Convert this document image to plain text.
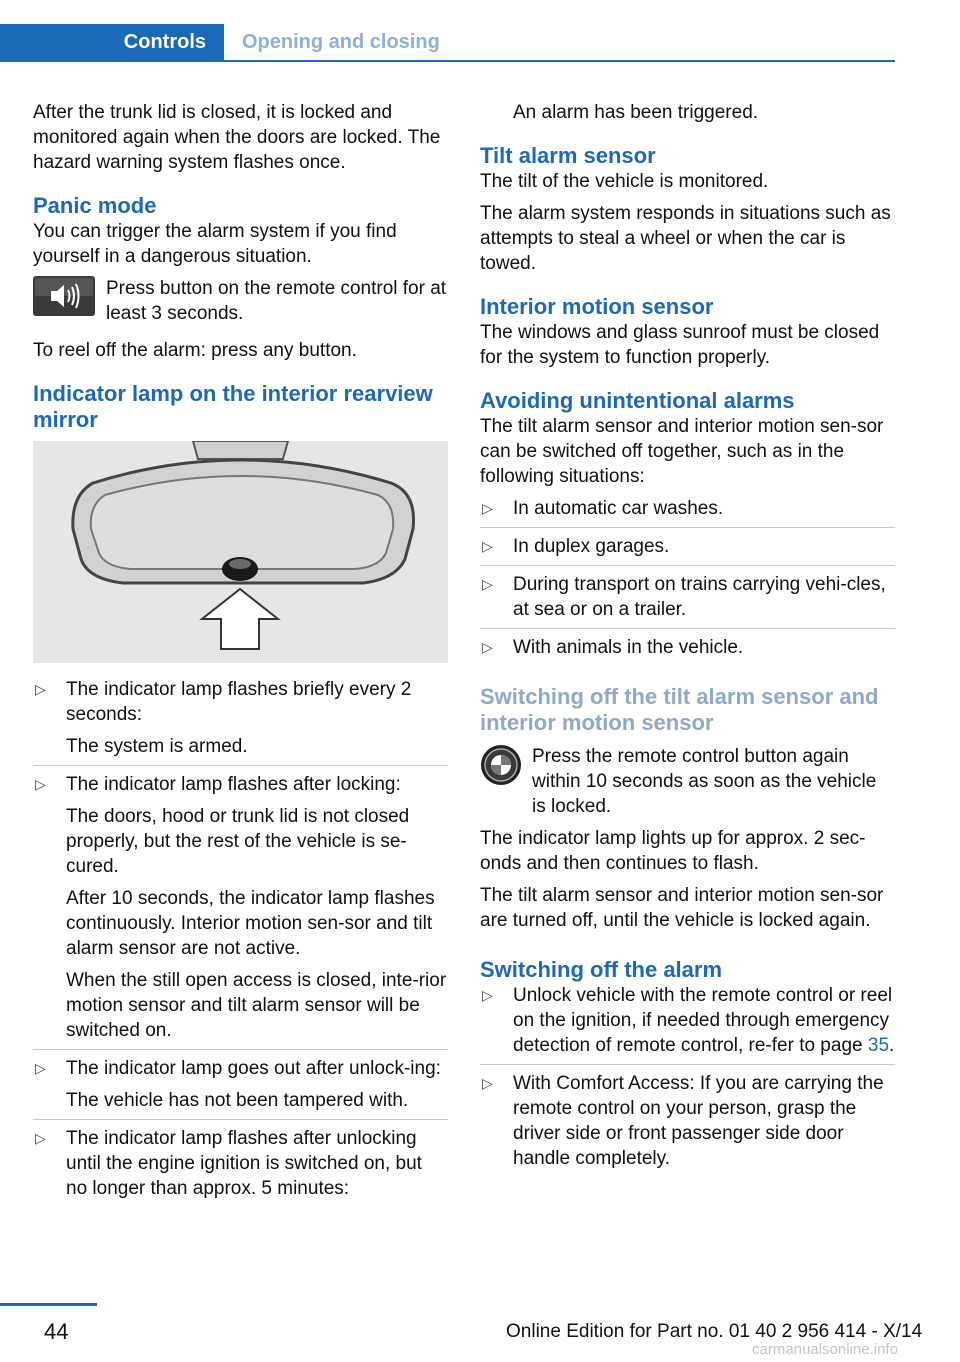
Controls	Opening and closing

After the trunk lid is closed, it is locked and monitored again when the doors are locked. The hazard warning system flashes once.

Panic mode

You can trigger the alarm system if you find yourself in a dangerous situation.

Press button on the remote control for at least 3 seconds.

To reel off the alarm: press any button.

Indicator lamp on the interior rearview mirror
▷ The indicator lamp flashes briefly every 2 seconds:

The system is armed.

▷ The indicator lamp flashes after locking:

The doors, hood or trunk lid is not closed properly, but the rest of the vehicle is se‐cured.

After 10 seconds, the indicator lamp flashes continuously. Interior motion sen‐sor and tilt alarm sensor are not active.

When the still open access is closed, inte‐rior motion sensor and tilt alarm sensor will be switched on.

▷ The indicator lamp goes out after unlock‐ing:

The vehicle has not been tampered with.

▷ The indicator lamp flashes after unlocking until the engine ignition is switched on, but no longer than approx. 5 minutes:

An alarm has been triggered.

Tilt alarm sensor

The tilt of the vehicle is monitored.

The alarm system responds in situations such as attempts to steal a wheel or when the car is towed.

Interior motion sensor

The windows and glass sunroof must be closed for the system to function properly.

Avoiding unintentional alarms

The tilt alarm sensor and interior motion sen‐sor can be switched off together, such as in the following situations:

▷ In automatic car washes.

▷ In duplex garages.

▷ During transport on trains carrying vehi‐cles, at sea or on a trailer.

▷ With animals in the vehicle.

Switching off the tilt alarm sensor and interior motion sensor

Press the remote control button again within 10 seconds as soon as the vehicle is locked.

The indicator lamp lights up for approx. 2 sec‐onds and then continues to flash.

The tilt alarm sensor and interior motion sen‐sor are turned off, until the vehicle is locked again.

Switching off the alarm
▷ Unlock vehicle with the remote control or reel on the ignition, if needed through emergency detection of remote control, re‐fer to page 35.

▷ With Comfort Access: If you are carrying the remote control on your person, grasp the driver side or front passenger side door handle completely.

44	Online Edition for Part no. 01 40 2 956 414 - X/14
carmanualsonline.info
